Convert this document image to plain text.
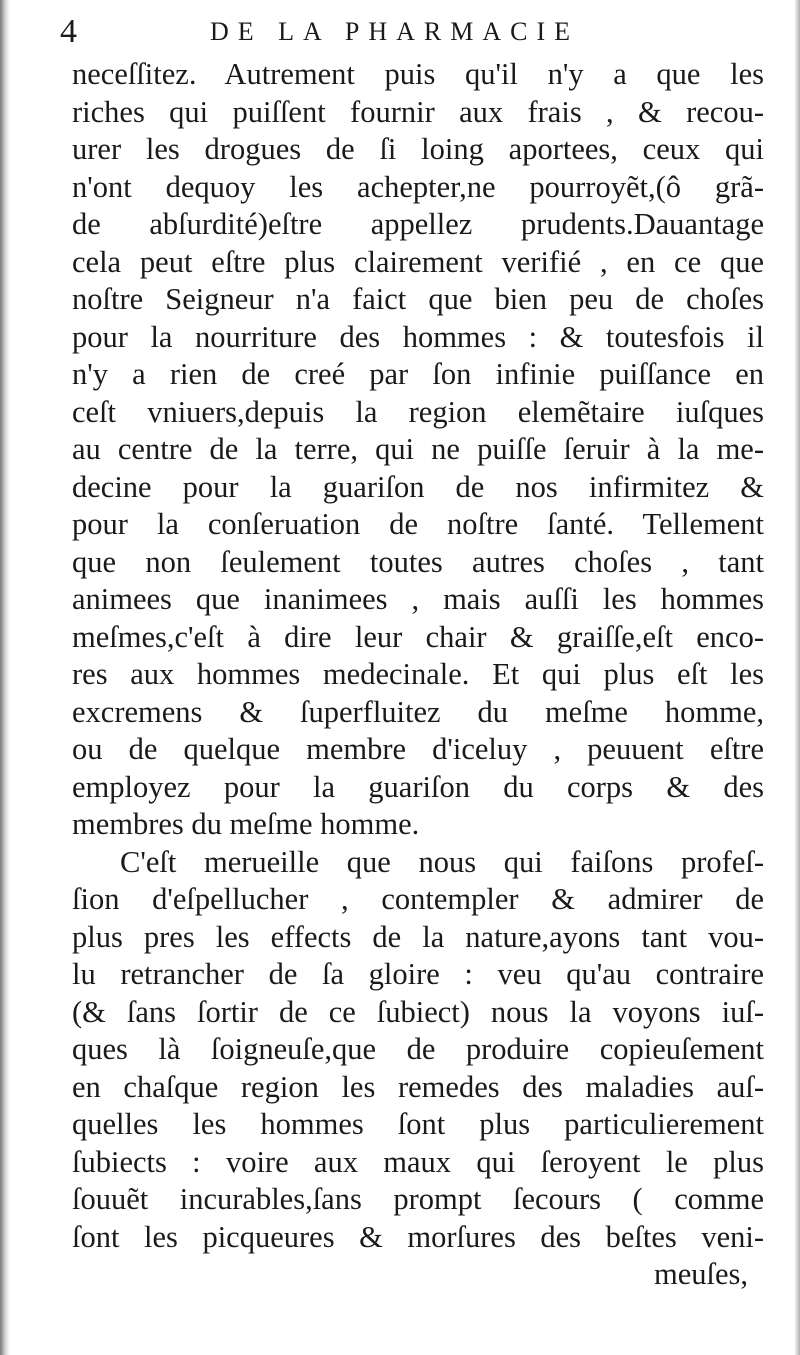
4	DE LA PHARMACIE
neceſſitez. Autrement puis qu'il n'y a que les
riches qui puiſſent fournir aux frais , & recou-
urer les drogues de ſi loing aportees, ceux qui
n'ont dequoy les achepter,ne pourroyẽt,(ô grã-
de abſurdité)eſtre appellez prudents.Dauantage
cela peut eſtre plus clairement verifié , en ce que
noſtre Seigneur n'a faict que bien peu de choſes
pour la nourriture des hommes : & toutesfois il
n'y a rien de creé par ſon infinie puiſſance en
ceſt vniuers,depuis la region elemẽtaire iuſques
au centre de la terre, qui ne puiſſe ſeruir à la me-
decine pour la guariſon de nos infirmitez &
pour la conſeruation de noſtre ſanté. Tellement
que non ſeulement toutes autres choſes , tant
animees que inanimees , mais auſſi les hommes
meſmes,c'eſt à dire leur chair & graiſſe,eſt enco-
res aux hommes medecinale. Et qui plus eſt les
excremens & ſuperfluitez du meſme homme,
ou de quelque membre d'iceluy , peuuent eſtre
employez pour la guariſon du corps & des
membres du meſme homme.
C'eſt merueille que nous qui faiſons profeſ-
ſion d'eſpellucher , contempler & admirer de
plus pres les effects de la nature,ayons tant vou-
lu retrancher de ſa gloire : veu qu'au contraire
(& ſans ſortir de ce ſubiect) nous la voyons iuſ-
ques là ſoigneuſe,que de produire copieuſement
en chaſque region les remedes des maladies auſ-
quelles les hommes ſont plus particulierement
ſubiects : voire aux maux qui ſeroyent le plus
ſouuẽt incurables,ſans prompt ſecours ( comme
ſont les picqueures & morſures des beſtes veni-
meuſes,
